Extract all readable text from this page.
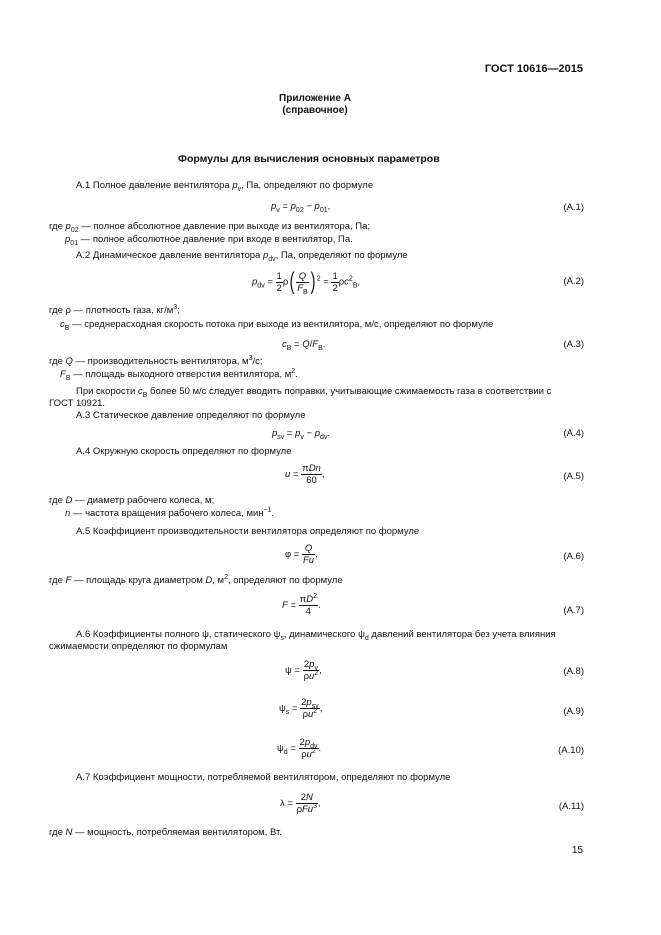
ГОСТ 10616—2015
Приложение А
(справочное)
Формулы для вычисления основных параметров
А.1 Полное давление вентилятора $p_v$, Па, определяют по формуле
$p_v = p_{02} - p_{01}$,	(А.1)
где $p_{02}$ — полное абсолютное давление при выходе из вентилятора, Па;
$p_{01}$ — полное абсолютное давление при входе в вентилятор, Па.
А.2 Динамическое давление вентилятора $p_{dv}$, Па, определяют по формуле
$p_{dv} = \frac{1}{2} \rho( \frac{Q}{F_B}$ ) $^2 = \frac{1}{2} \rho c^2_B$,	(А.2)
где ρ — плотность газа, $кг/м^3$;
$c_B$ — среднерасходная скорость потока при выходе из вентилятора, м/с, определяют по формуле
$c_B = Q/F_B$.	(А.3)
где Q — производительность вентилятора, $м^3/с$;
$F_B$ — площадь выходного отверстия вентилятора, $м^2$.
При скорости $c_B$ более 50 м/с следует вводить поправки, учитывающие сжимаемость газа в соответствии с
ГОСТ 10921.
А.3 Статическое давление определяют по формуле
$p_{sv} = p_v - p_{dv}$.	(А.4)
А.4 Окружную скорость определяют по формуле
$u = \frac{\text{πDn}}{60}$ ,	(А.5)
где D — диаметр рабочего колеса, м;
n — частота вращения рабочего колеса, мин$^{-1}$.
А.5 Коэффициент производительности вентилятора определяют по формуле
$\varphi = \frac{Q}{Fu}$ ,	(А.6)
где F — площадь круга диаметром D, $м^2$, определяют по формуле
$F = \frac{\pi D^2}{4}$ .	(А.7)
А.6 Коэффициенты полного ψ, статического $\psi_s$, динамического $\psi_d$ давлений вентилятора без учета влияния
сжимаемости определяют по формулам
$\psi = \frac{2p_v}{\rho u^2}$ ,	(А.8)
$\psi_s = \frac{2p_{sv}}{\rho u^2}$ ,	(А.9)
$\psi_d = \frac{2p_{dv}}{\rho u^2}$ .	(А.10)
А.7 Коэффициент мощности, потребляемой вентилятором, определяют по формуле
$\lambda = \frac{2N}{\rho Fu^3}$ ,	(А.11)
где N — мощность, потребляемая вентилятором, Вт.
15
